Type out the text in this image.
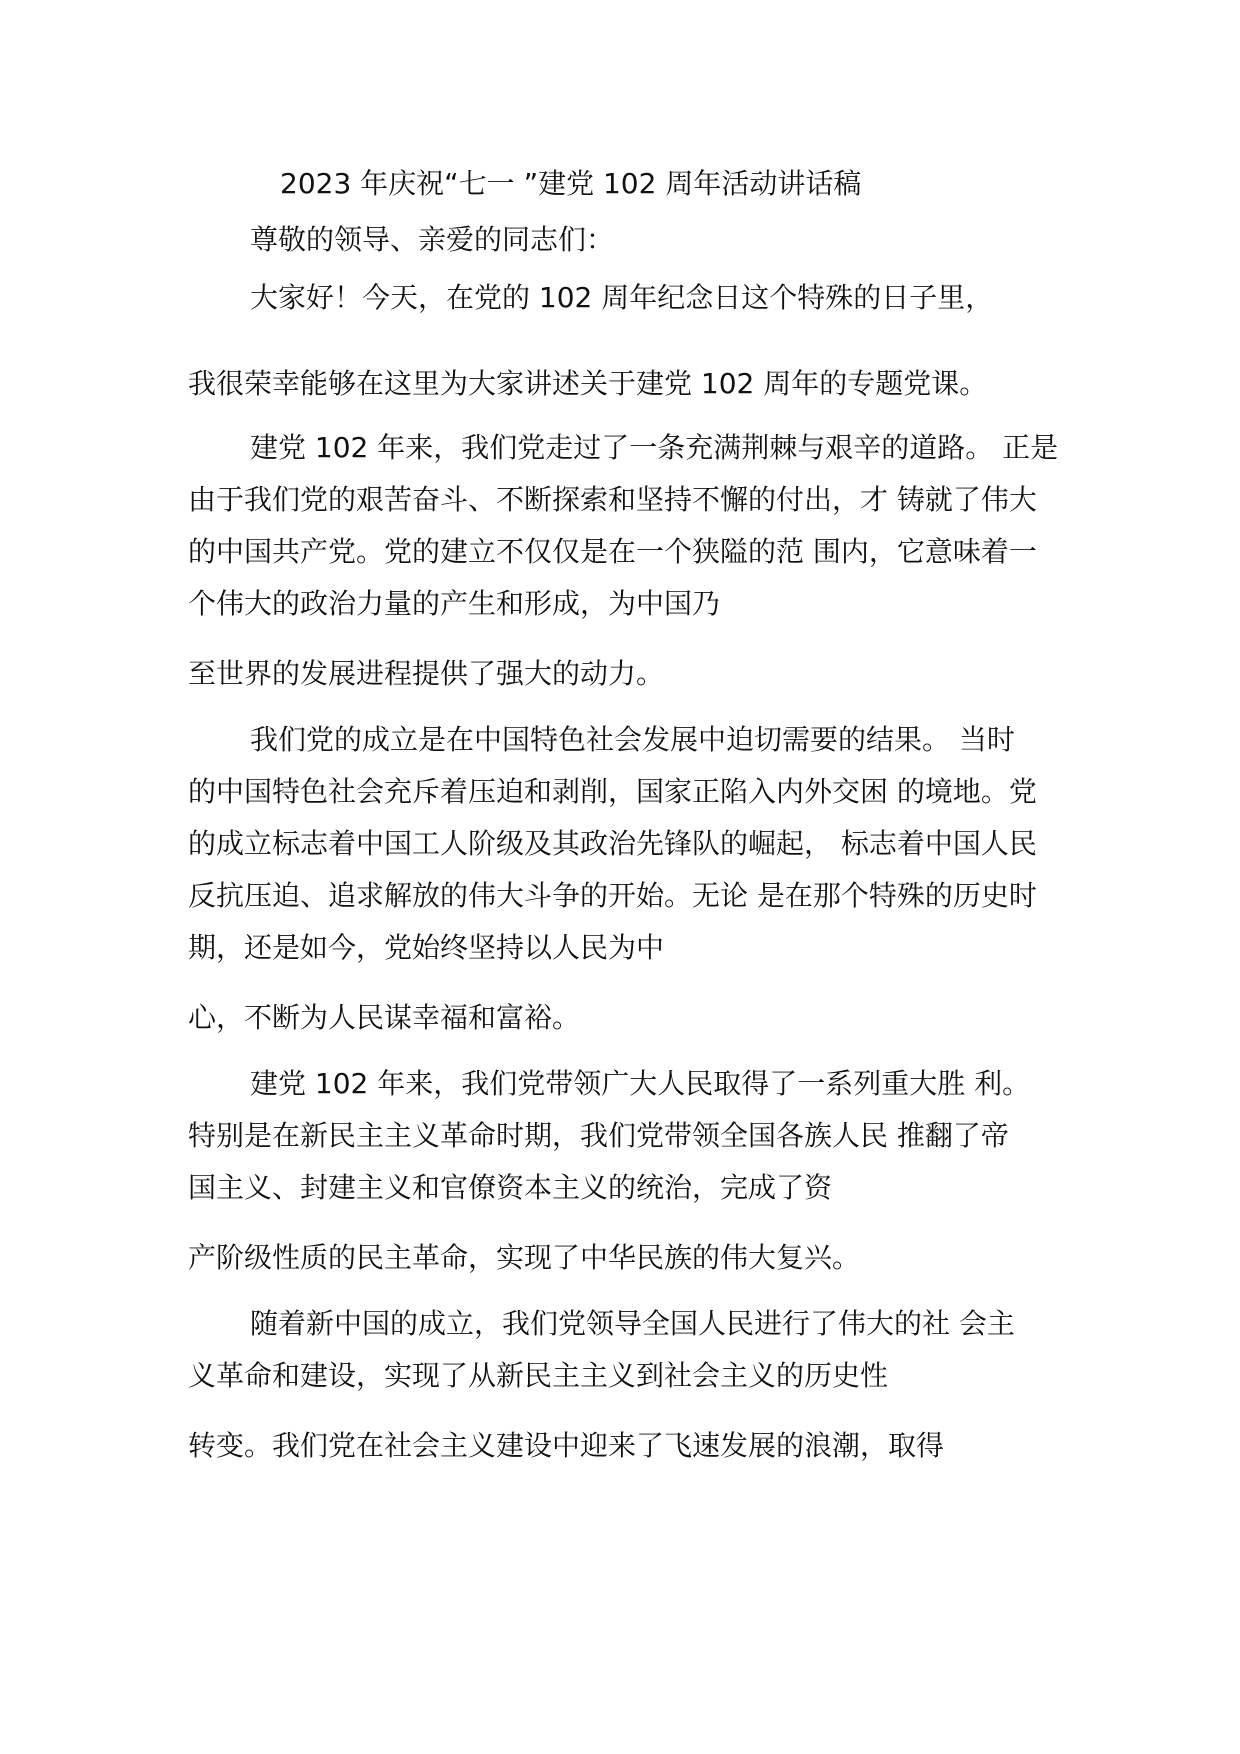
2023 年庆祝“七一 ”建党 102 周年活动讲话稿
尊敬的领导、亲爱的同志们：
大家好！今天，在党的 102 周年纪念日这个特殊的日子里，
我很荣幸能够在这里为大家讲述关于建党 102 周年的专题党课。
建党 102 年来，我们党走过了一条充满荆棘与艰辛的道路。 正是
由于我们党的艰苦奋斗、不断探索和坚持不懈的付出，才 铸就了伟大
的中国共产党。党的建立不仅仅是在一个狭隘的范 围内，它意味着一
个伟大的政治力量的产生和形成，为中国乃
至世界的发展进程提供了强大的动力。
我们党的成立是在中国特色社会发展中迫切需要的结果。 当时
的中国特色社会充斥着压迫和剥削，国家正陷入内外交困 的境地。党
的成立标志着中国工人阶级及其政治先锋队的崛起， 标志着中国人民
反抗压迫、追求解放的伟大斗争的开始。无论 是在那个特殊的历史时
期，还是如今，党始终坚持以人民为中
心，不断为人民谋幸福和富裕。
建党 102 年来，我们党带领广大人民取得了一系列重大胜 利。
特别是在新民主主义革命时期，我们党带领全国各族人民 推翻了帝
国主义、封建主义和官僚资本主义的统治，完成了资
产阶级性质的民主革命，实现了中华民族的伟大复兴。
随着新中国的成立，我们党领导全国人民进行了伟大的社 会主
义革命和建设，实现了从新民主主义到社会主义的历史性
转变。我们党在社会主义建设中迎来了飞速发展的浪潮，取得
